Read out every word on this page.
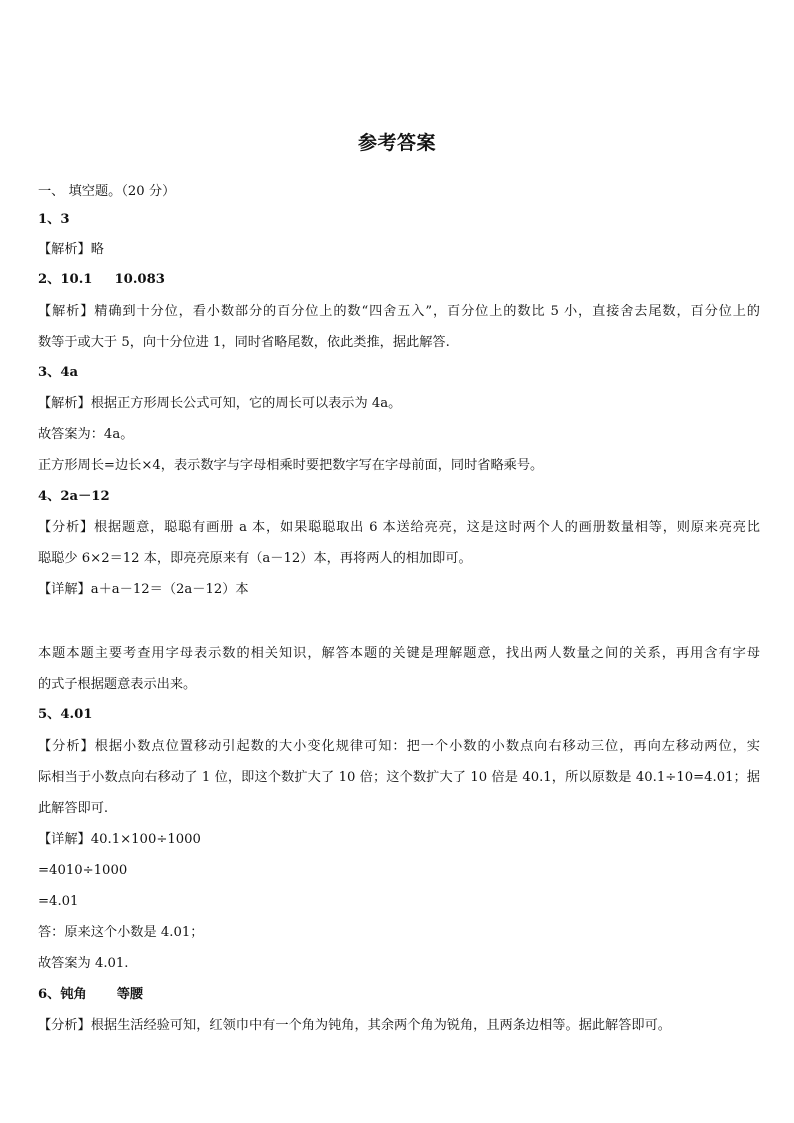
参考答案
一、 填空题。（20 分）
1、3
【解析】略
2、10.1 10.083
【解析】精确到十分位，看小数部分的百分位上的数“四舍五入”，百分位上的数比 5 小，直接舍去尾数，百分位上的
数等于或大于 5，向十分位进 1，同时省略尾数，依此类推，据此解答.
3、4a
【解析】根据正方形周长公式可知，它的周长可以表示为 4a。
故答案为：4a。
正方形周长=边长×4，表示数字与字母相乘时要把数字写在字母前面，同时省略乘号。
4、2a－12
【分析】根据题意，聪聪有画册 a 本，如果聪聪取出 6 本送给亮亮，这是这时两个人的画册数量相等，则原来亮亮比
聪聪少 6×2＝12 本，即亮亮原来有（a－12）本，再将两人的相加即可。
【详解】a＋a－12＝（2a－12）本
本题本题主要考查用字母表示数的相关知识，解答本题的关键是理解题意，找出两人数量之间的关系，再用含有字母
的式子根据题意表示出来。
5、4.01
【分析】根据小数点位置移动引起数的大小变化规律可知：把一个小数的小数点向右移动三位，再向左移动两位，实
际相当于小数点向右移动了 1 位，即这个数扩大了 10 倍；这个数扩大了 10 倍是 40.1，所以原数是 40.1÷10=4.01；据
此解答即可.
【详解】40.1×100÷1000
=4010÷1000
=4.01
答：原来这个小数是 4.01；
故答案为 4.01.
6、钝角 等腰
【分析】根据生活经验可知，红领巾中有一个角为钝角，其余两个角为锐角，且两条边相等。据此解答即可。
